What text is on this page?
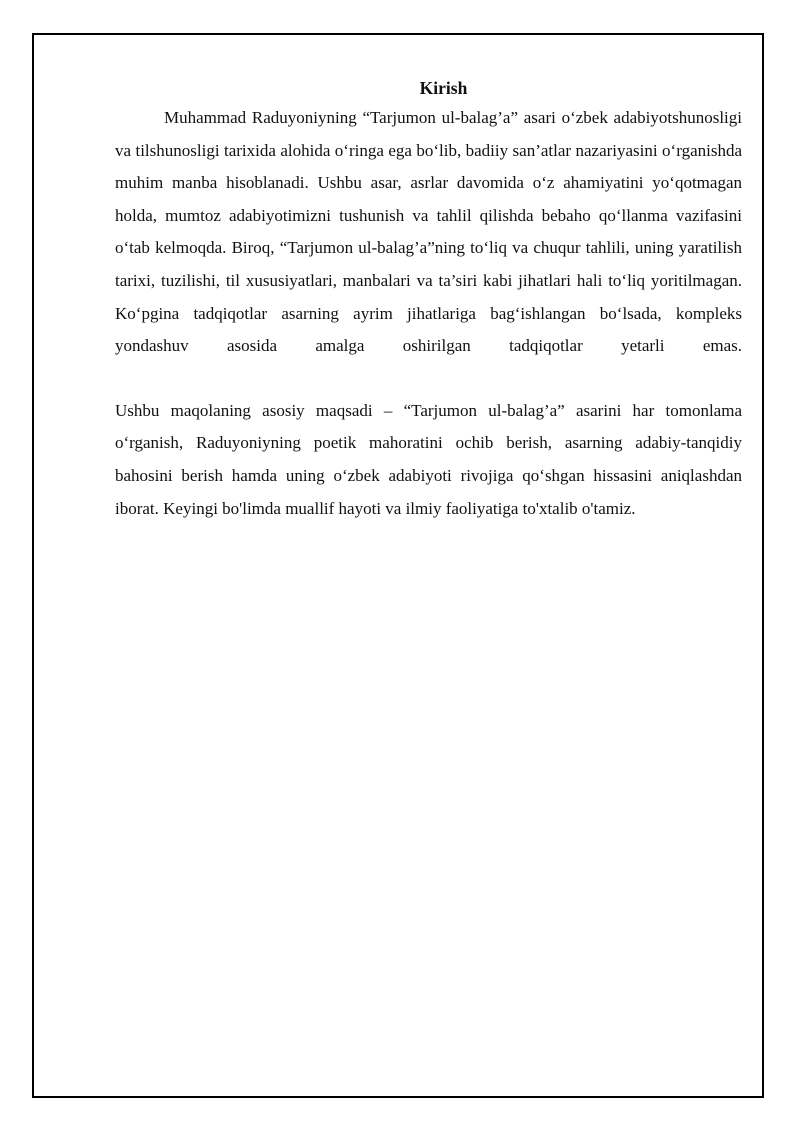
Kirish

Muhammad Raduyoniyning “Tarjumon ul-balag’a” asari o‘zbek adabiyotshunosligi va tilshunosligi tarixida alohida o‘ringa ega bo‘lib, badiiy san’atlar nazariyasini o‘rganishda muhim manba hisoblanadi. Ushbu asar, asrlar davomida o‘z ahamiyatini yo‘qotmagan holda, mumtoz adabiyotimizni tushunish va tahlil qilishda bebaho qo‘llanma vazifasini o‘tab kelmoqda. Biroq, “Tarjumon ul-balag’a”ning to‘liq va chuqur tahlili, uning yaratilish tarixi, tuzilishi, til xususiyatlari, manbalari va ta’siri kabi jihatlari hali to‘liq yoritilmagan. Ko‘pgina tadqiqotlar asarning ayrim jihatlariga bag‘ishlangan bo‘lsada, kompleks yondashuv asosida amalga oshirilgan tadqiqotlar yetarli emas.

Ushbu maqolaning asosiy maqsadi – “Tarjumon ul-balag’a” asarini har tomonlama o‘rganish, Raduyoniyning poetik mahoratini ochib berish, asarning adabiy-tanqidiy bahosini berish hamda uning o‘zbek adabiyoti rivojiga qo‘shgan hissasini aniqlashdan iborat. Keyingi bo'limda muallif hayoti va ilmiy faoliyatiga to'xtalib o'tamiz.
